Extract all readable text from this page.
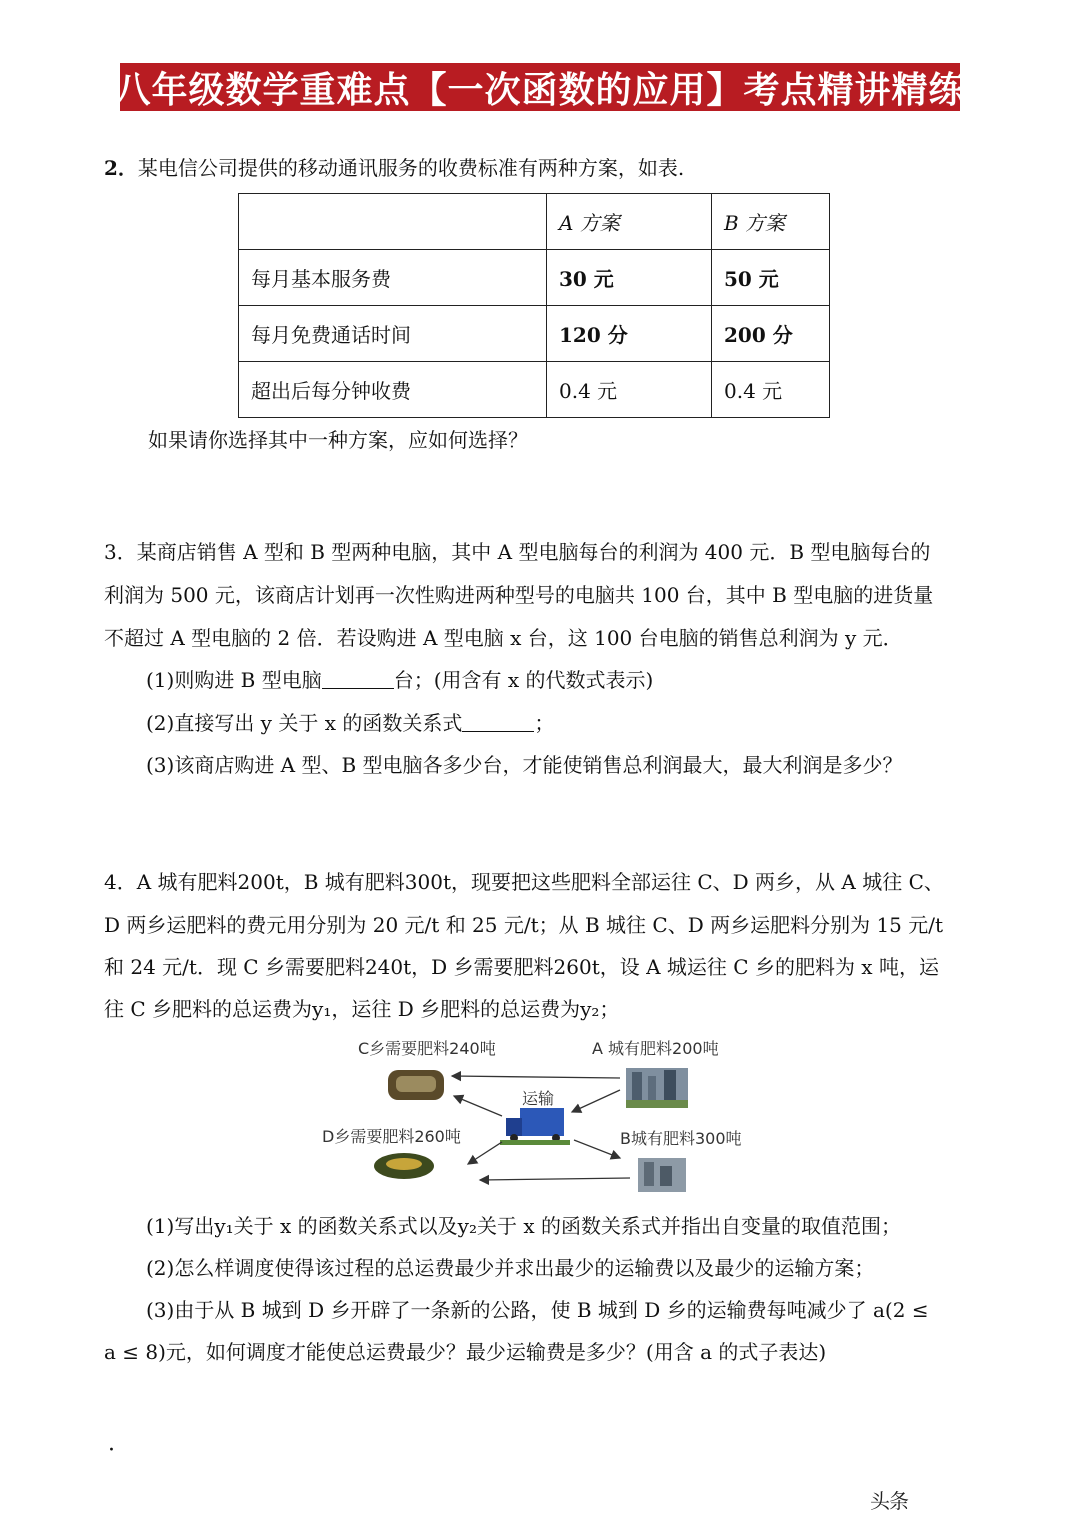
八年级数学重难点【一次函数的应用】考点精讲精练
2．某电信公司提供的移动通讯服务的收费标准有两种方案，如表.
	A 方案	B 方案
每月基本服务费	30 元	50 元
每月免费通话时间	120 分	200 分
超出后每分钟收费	0.4 元	0.4 元
如果请你选择其中一种方案，应如何选择？
3．某商店销售 A 型和 B 型两种电脑，其中 A 型电脑每台的利润为 400 元．B 型电脑每台的
利润为 500 元，该商店计划再一次性购进两种型号的电脑共 100 台，其中 B 型电脑的进货量
不超过 A 型电脑的 2 倍．若设购进 A 型电脑 x 台，这 100 台电脑的销售总利润为 y 元．
(1)则购进 B 型电脑	台；(用含有 x 的代数式表示)
(2)直接写出 y 关于 x 的函数关系式	；
(3)该商店购进 A 型、B 型电脑各多少台，才能使销售总利润最大，最大利润是多少？
4．A 城有肥料200t，B 城有肥料300t，现要把这些肥料全部运往 C、D 两乡，从 A 城往 C、
D 两乡运肥料的费元用分别为 20 元/t 和 25 元/t；从 B 城往 C、D 两乡运肥料分别为 15 元/t
和 24 元/t．现 C 乡需要肥料240t，D 乡需要肥料260t，设 A 城运往 C 乡的肥料为 x 吨，运
往 C 乡肥料的总运费为y₁，运往 D 乡肥料的总运费为y₂；
C乡需要肥料240吨	A 城有肥料200吨
运输
D乡需要肥料260吨	B城有肥料300吨
(1)写出y₁关于 x 的函数关系式以及y₂关于 x 的函数关系式并指出自变量的取值范围；
(2)怎么样调度使得该过程的总运费最少并求出最少的运输费以及最少的运输方案；
(3)由于从 B 城到 D 乡开辟了一条新的公路，使 B 城到 D 乡的运输费每吨减少了 a(2 ≤
a ≤ 8)元，如何调度才能使总运费最少？最少运输费是多少？(用含 a 的式子表达)
·
头条
